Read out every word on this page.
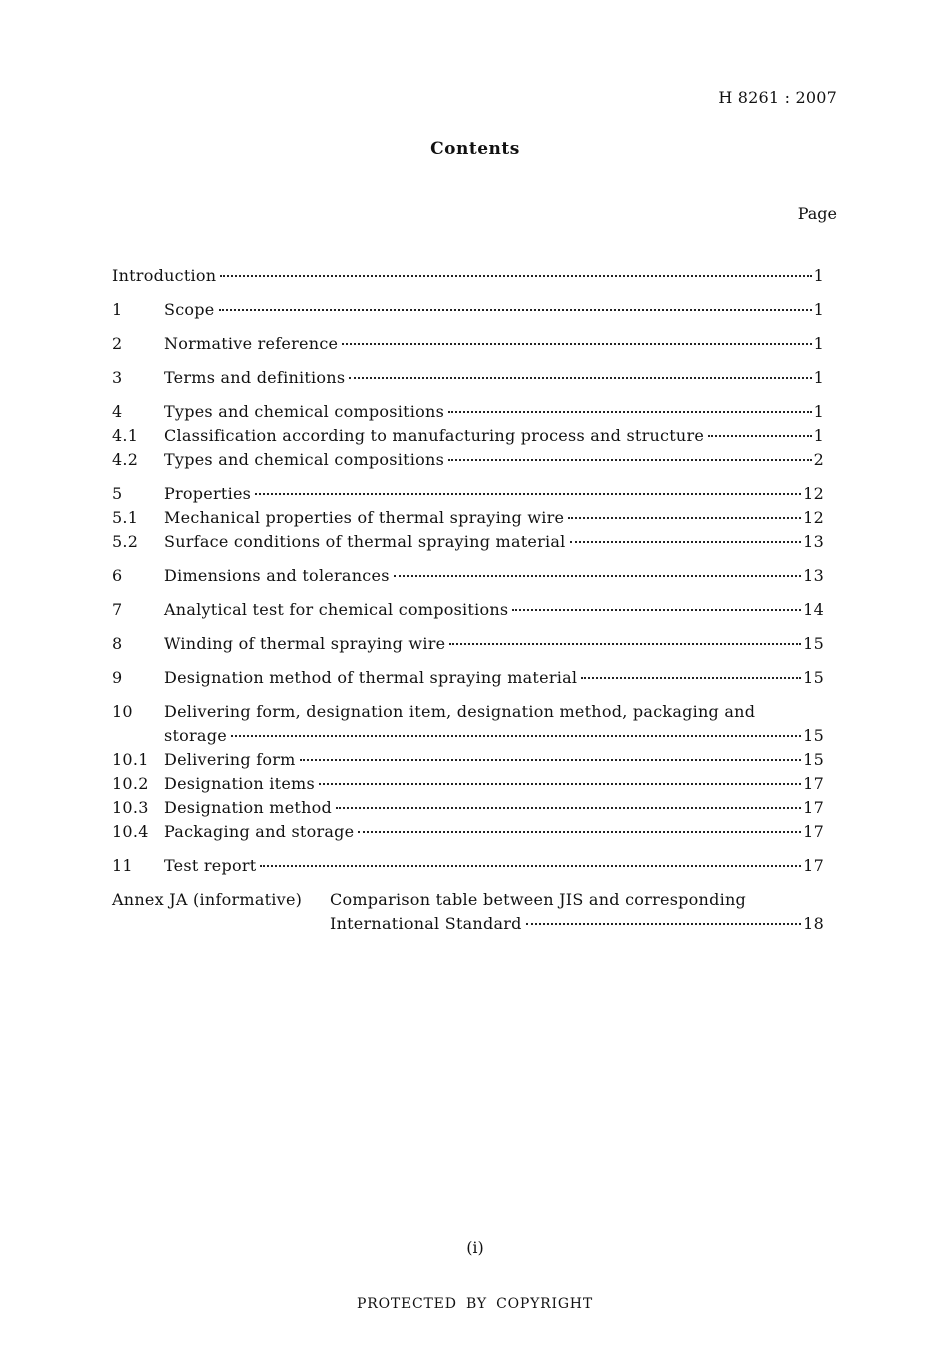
H 8261 : 2007
Contents
Page
Introduction	1
1	Scope	1
2	Normative reference	1
3	Terms and definitions	1
4	Types and chemical compositions	1
4.1	Classification according to manufacturing process and structure	1
4.2	Types and chemical compositions	2
5	Properties	12
5.1	Mechanical properties of thermal spraying wire	12
5.2	Surface conditions of thermal spraying material	13
6	Dimensions and tolerances	13
7	Analytical test for chemical compositions	14
8	Winding of thermal spraying wire	15
9	Designation method of thermal spraying material	15
10	Delivering form, designation item, designation method, packaging and
storage	15
10.1 Delivering form	15
10.2 Designation items	17
10.3 Designation method	17
10.4 Packaging and storage	17
11	Test report	17
Annex JA (informative)	Comparison table between JIS and corresponding
International Standard	18
(i)
PROTECTED BY COPYRIGHT
